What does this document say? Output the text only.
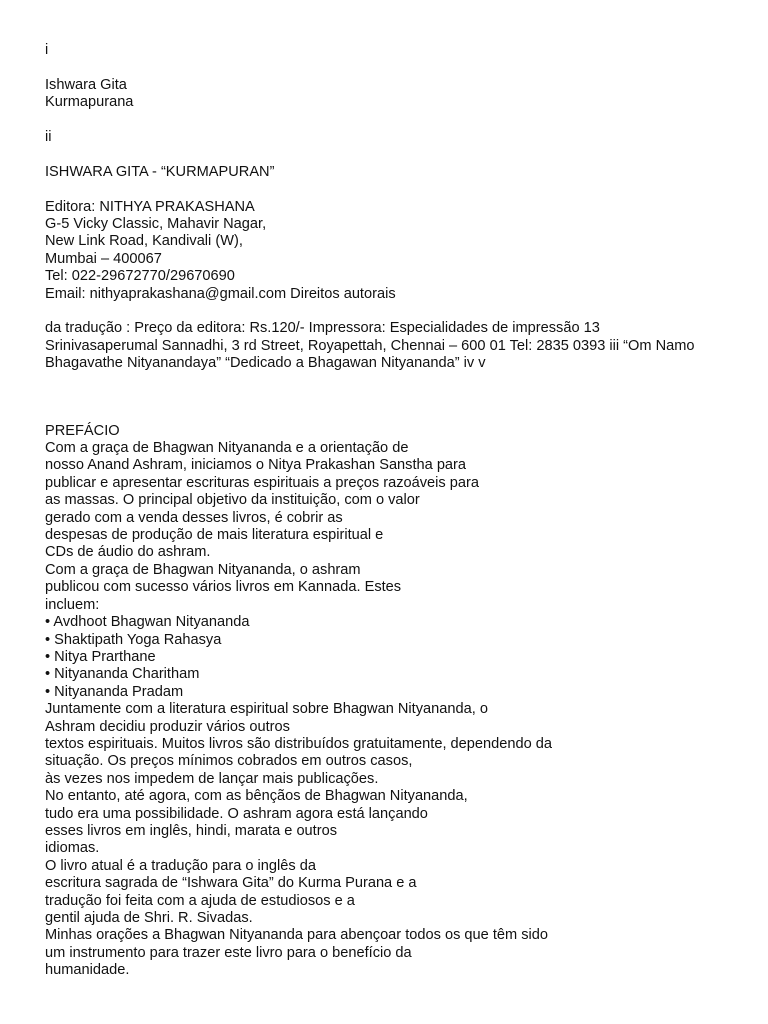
i
Ishwara Gita
Kurmapurana
ii
ISHWARA GITA - “KURMAPURAN”
Editora: NITHYA PRAKASHANA
G-5 Vicky Classic, Mahavir Nagar,
New Link Road, Kandivali (W),
Mumbai – 400067
Tel: 022-29672770/29670690
Email: nithyaprakashana@gmail.com Direitos autorais
da tradução : Preço da editora: Rs.120/- Impressora: Especialidades de impressão 13
Srinivasaperumal Sannadhi, 3 rd Street, Royapettah, Chennai – 600 01 Tel: 2835 0393 iii “Om Namo
Bhagavathe Nityanandaya” “Dedicado a Bhagawan Nityananda” iv v
PREFÁCIO
Com a graça de Bhagwan Nityananda e a orientação de
nosso Anand Ashram, iniciamos o Nitya Prakashan Sanstha para
publicar e apresentar escrituras espirituais a preços razoáveis para
as massas. O principal objetivo da instituição, com o valor
gerado com a venda desses livros, é cobrir as
despesas de produção de mais literatura espiritual e
CDs de áudio do ashram.
Com a graça de Bhagwan Nityananda, o ashram
publicou com sucesso vários livros em Kannada. Estes
incluem:
• Avdhoot Bhagwan Nityananda
• Shaktipath Yoga Rahasya
• Nitya Prarthane
• Nityananda Charitham
• Nityananda Pradam
Juntamente com a literatura espiritual sobre Bhagwan Nityananda, o
Ashram decidiu produzir vários outros
textos espirituais. Muitos livros são distribuídos gratuitamente, dependendo da
situação. Os preços mínimos cobrados em outros casos,
às vezes nos impedem de lançar mais publicações.
No entanto, até agora, com as bênçãos de Bhagwan Nityananda,
tudo era uma possibilidade. O ashram agora está lançando
esses livros em inglês, hindi, marata e outros
idiomas.
O livro atual é a tradução para o inglês da
escritura sagrada de “Ishwara Gita” do Kurma Purana e a
tradução foi feita com a ajuda de estudiosos e a
gentil ajuda de Shri. R. Sivadas.
Minhas orações a Bhagwan Nityananda para abençoar todos os que têm sido
um instrumento para trazer este livro para o benefício da
humanidade.
